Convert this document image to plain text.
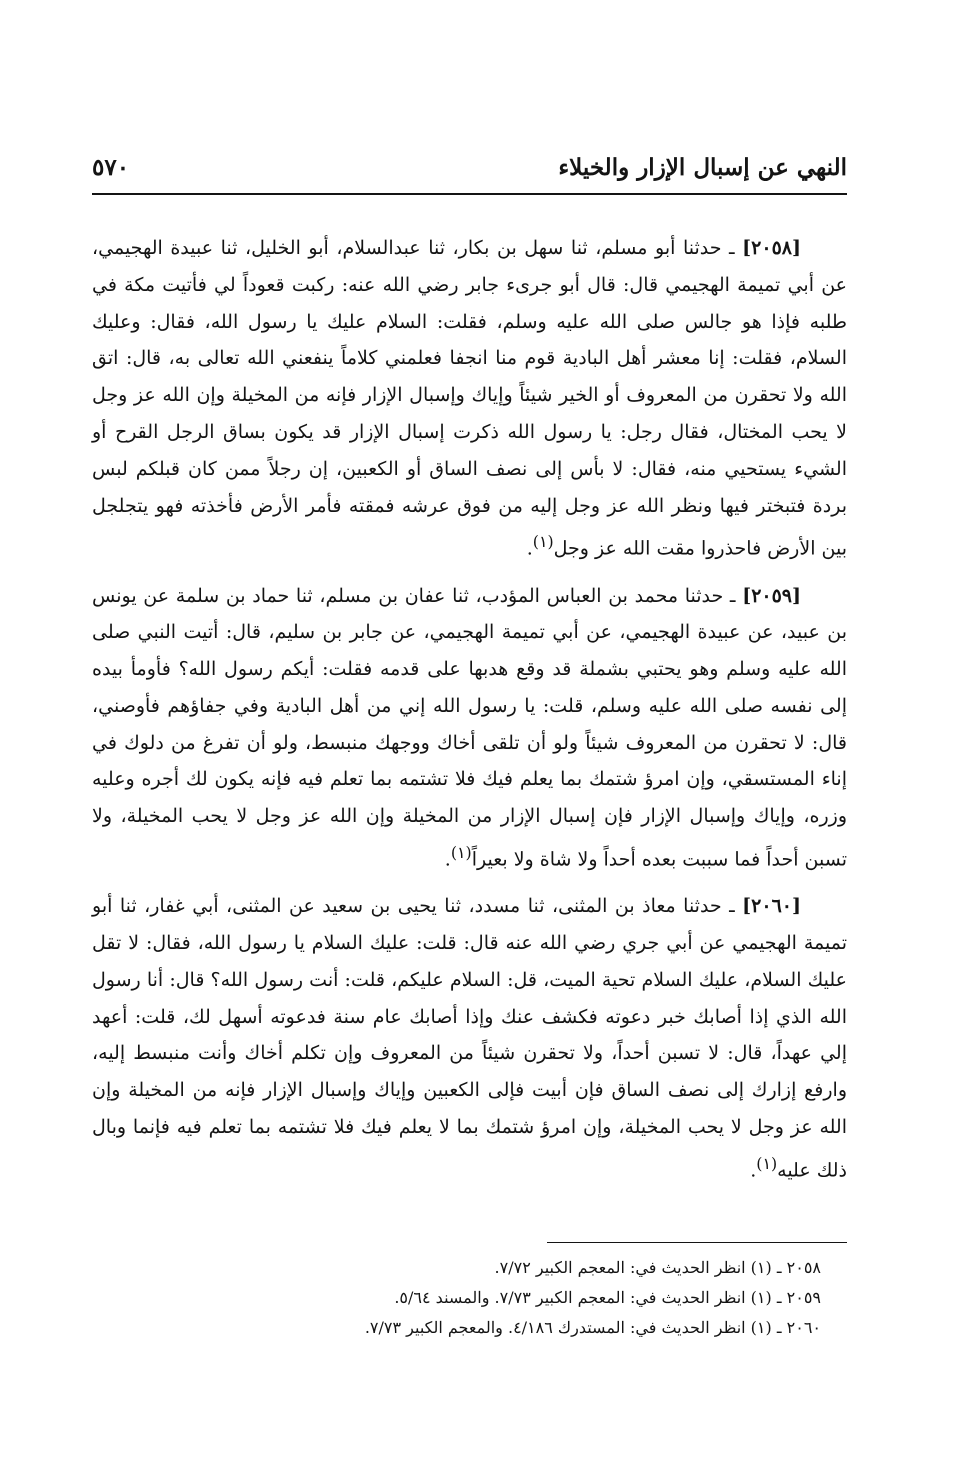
النهي عن إسبال الإزار والخيلاء
٥٧٠

[٢٠٥٨] ـ حدثنا أبو مسلم، ثنا سهل بن بكار، ثنا عبدالسلام، أبو الخليل، ثنا عبيدة الهجيمي، عن أبي تميمة الهجيمي قال: قال أبو جرىء جابر رضي الله عنه: ركبت قعوداً لي فأتيت مكة في طلبه فإذا هو جالس صلى الله عليه وسلم، فقلت: السلام عليك يا رسول الله، فقال: وعليك السلام، فقلت: إنا معشر أهل البادية قوم منا انجفا فعلمني كلاماً ينفعني الله تعالى به، قال: اتق الله ولا تحقرن من المعروف أو الخير شيئاً وإياك وإسبال الإزار فإنه من المخيلة وإن الله عز وجل لا يحب المختال، فقال رجل: يا رسول الله ذكرت إسبال الإزار قد يكون بساق الرجل القرح أو الشيء يستحيي منه، فقال: لا بأس إلى نصف الساق أو الكعبين، إن رجلاً ممن كان قبلكم لبس بردة فتبختر فيها ونظر الله عز وجل إليه من فوق عرشه فمقته فأمر الأرض فأخذته فهو يتجلجل بين الأرض فاحذروا مقت الله عز وجل$^{(١)}$.

[٢٠٥٩] ـ حدثنا محمد بن العباس المؤدب، ثنا عفان بن مسلم، ثنا حماد بن سلمة عن يونس بن عبيد، عن عبيدة الهجيمي، عن أبي تميمة الهجيمي، عن جابر بن سليم، قال: أتيت النبي صلى الله عليه وسلم وهو يحتبي بشملة قد وقع هدبها على قدمه فقلت: أيكم رسول الله؟ فأومأ بيده إلى نفسه صلى الله عليه وسلم، قلت: يا رسول الله إني من أهل البادية وفي جفاؤهم فأوصني، قال: لا تحقرن من المعروف شيئاً ولو أن تلقى أخاك ووجهك منبسط، ولو أن تفرغ من دلوك في إناء المستسقي، وإن امرؤ شتمك بما يعلم فيك فلا تشتمه بما تعلم فيه فإنه يكون لك أجره وعليه وزره، وإياك وإسبال الإزار فإن إسبال الإزار من المخيلة وإن الله عز وجل لا يحب المخيلة، ولا تسبن أحداً فما سببت بعده أحداً ولا شاة ولا بعيراً$^{(١)}$.

[٢٠٦٠] ـ حدثنا معاذ بن المثنى، ثنا مسدد، ثنا يحيى بن سعيد عن المثنى، أبي غفار، ثنا أبو تميمة الهجيمي عن أبي جري رضي الله عنه قال: قلت: عليك السلام يا رسول الله، فقال: لا تقل عليك السلام، عليك السلام تحية الميت، قل: السلام عليكم، قلت: أنت رسول الله؟ قال: أنا رسول الله الذي إذا أصابك خبر دعوته فكشف عنك وإذا أصابك عام سنة فدعوته أسهل لك، قلت: أعهد إلي عهداً، قال: لا تسبن أحداً، ولا تحقرن شيئاً من المعروف وإن تكلم أخاك وأنت منبسط إليه، وارفع إزارك إلى نصف الساق فإن أبيت فإلى الكعبين وإياك وإسبال الإزار فإنه من المخيلة وإن الله عز وجل لا يحب المخيلة، وإن امرؤ شتمك بما لا يعلم فيك فلا تشتمه بما تعلم فيه فإنما وبال ذلك عليه$^{(١)}$.

٢٠٥٨ ـ (١) انظر الحديث في: المعجم الكبير ٧/٧٢.
٢٠٥٩ ـ (١) انظر الحديث في: المعجم الكبير ٧/٧٣. والمسند ٥/٦٤.
٢٠٦٠ ـ (١) انظر الحديث في: المستدرك ٤/١٨٦. والمعجم الكبير ٧/٧٣.
